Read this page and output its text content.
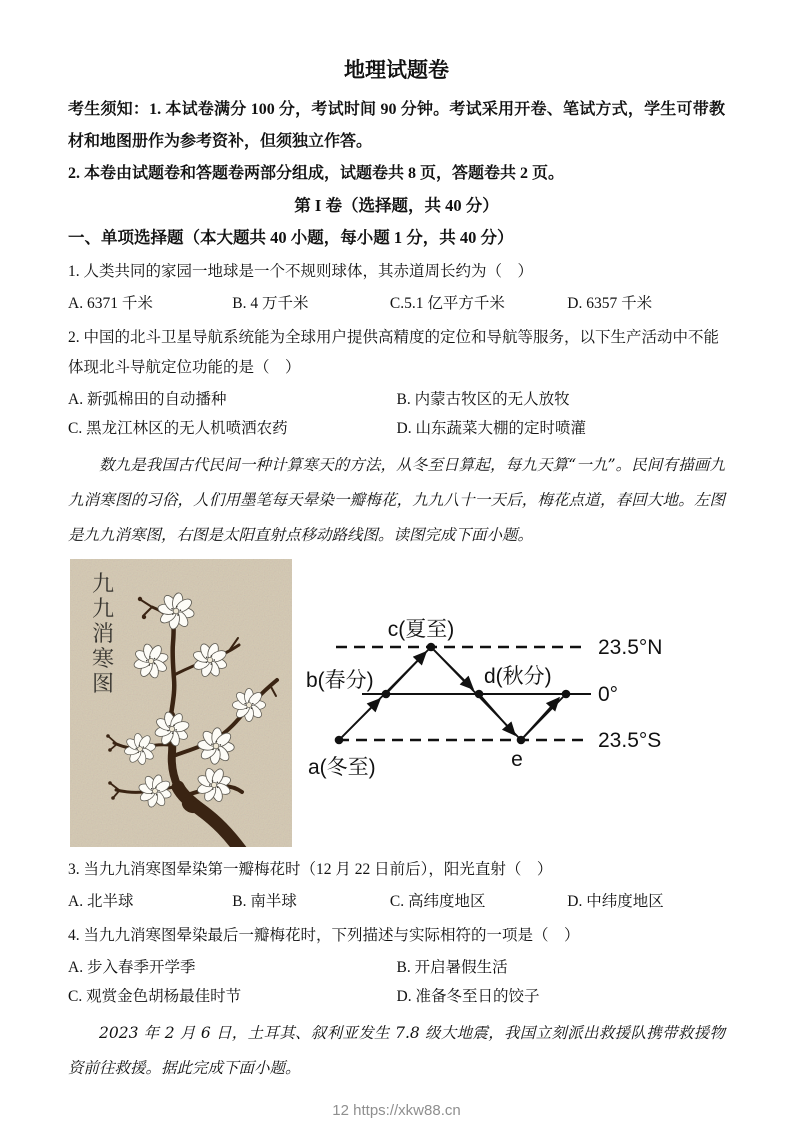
地理试题卷

考生须知：1. 本试卷满分 100 分，考试时间 90 分钟。考试采用开卷、笔试方式，学生可带教材和地图册作为参考资补，但须独立作答。

2. 本卷由试题卷和答题卷两部分组成，试题卷共 8 页，答题卷共 2 页。

第 I 卷（选择题，共 40 分）
一、单项选择题（本大题共 40 小题，每小题 1 分，共 40 分）

1. 人类共同的家园一地球是一个不规则球体，其赤道周长约为（　）

A. 6371 千米	B. 4 万千米	C.5.1 亿平方千米	D. 6357 千米

2. 中国的北斗卫星导航系统能为全球用户提供高精度的定位和导航等服务，以下生产活动中不能体现北斗导航定位功能的是（　）

A. 新弧棉田的自动播种	B. 内蒙古牧区的无人放牧
C. 黑龙江林区的无人机喷洒农药	D. 山东蔬菜大棚的定时喷灌

数九是我国古代民间一种计算寒天的方法，从冬至日算起，每九天算“一九”。民间有描画九九消寒图的习俗，人们用墨笔每天晕染一瓣梅花，九九八十一天后，梅花点道，春回大地。左图是九九消寒图，右图是太阳直射点移动路线图。读图完成下面小题。

九
九
消
寒
图
c(夏至)
b(春分)	d(秋分)
a(冬至)	e
23.5°N
0°
23.5°S

3. 当九九消寒图晕染第一瓣梅花时（12 月 22 日前后），阳光直射（　）

A. 北半球	B. 南半球	C. 高纬度地区	D. 中纬度地区

4. 当九九消寒图晕染最后一瓣梅花时，下列描述与实际相符的一项是（　）

A. 步入春季开学季	B. 开启暑假生活
C. 观赏金色胡杨最佳时节	D. 准备冬至日的饺子

2023 年 2 月 6 日，土耳其、叙利亚发生 7.8 级大地震，我国立刻派出救援队携带救援物资前往救援。据此完成下面小题。

12 https://xkw88.cn
